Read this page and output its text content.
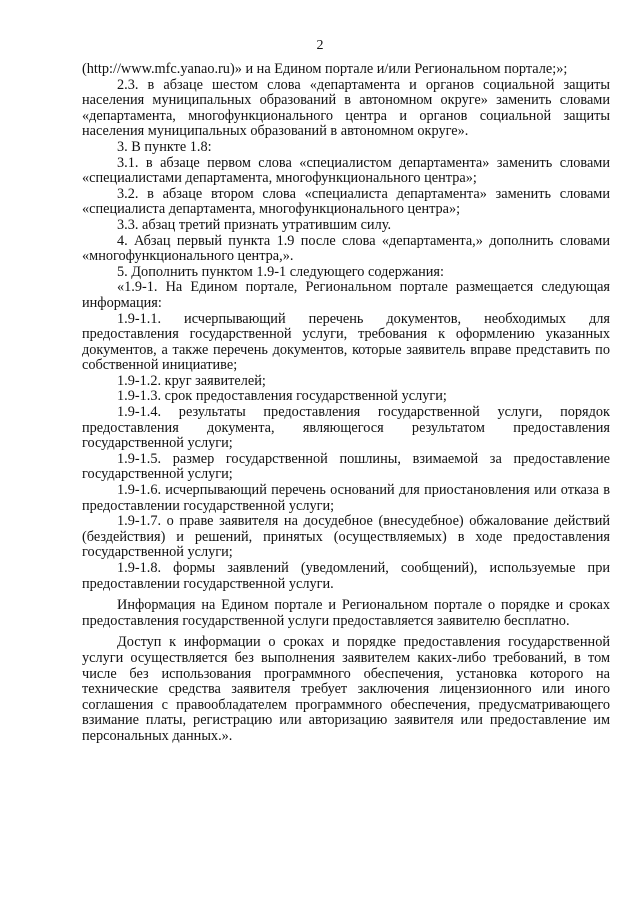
2

(http://www.mfc.yanao.ru)» и на Едином портале и/или Региональном портале;»;

2.3. в абзаце шестом слова «департамента и органов социальной защиты населения муниципальных образований в автономном округе» заменить словами «департамента, многофункционального центра и органов социальной защиты населения муниципальных образований в автономном округе».

3. В пункте 1.8:

3.1. в абзаце первом слова «специалистом департамента» заменить словами «специалистами департамента, многофункционального центра»;

3.2. в абзаце втором слова «специалиста департамента» заменить словами «специалиста департамента, многофункционального центра»;

3.3. абзац третий признать утратившим силу.

4. Абзац первый пункта 1.9 после слова «департамента,» дополнить словами «многофункционального центра,».

5. Дополнить пунктом 1.9-1 следующего содержания:

«1.9-1. На Едином портале, Региональном портале размещается следующая информация:

1.9-1.1. исчерпывающий перечень документов, необходимых для предоставления государственной услуги, требования к оформлению указанных документов, а также перечень документов, которые заявитель вправе представить по собственной инициативе;

1.9-1.2. круг заявителей;

1.9-1.3. срок предоставления государственной услуги;

1.9-1.4. результаты предоставления государственной услуги, порядок предоставления документа, являющегося результатом предоставления государственной услуги;

1.9-1.5. размер государственной пошлины, взимаемой за предоставление государственной услуги;

1.9-1.6. исчерпывающий перечень оснований для приостановления или отказа в предоставлении государственной услуги;

1.9-1.7. о праве заявителя на досудебное (внесудебное) обжалование действий (бездействия) и решений, принятых (осуществляемых) в ходе предоставления государственной услуги;

1.9-1.8. формы заявлений (уведомлений, сообщений), используемые при предоставлении государственной услуги.

Информация на Едином портале и Региональном портале о порядке и сроках предоставления государственной услуги предоставляется заявителю бесплатно.

Доступ к информации о сроках и порядке предоставления государственной услуги осуществляется без выполнения заявителем каких-либо требований, в том числе без использования программного обеспечения, установка которого на технические средства заявителя требует заключения лицензионного или иного соглашения с правообладателем программного обеспечения, предусматривающего взимание платы, регистрацию или авторизацию заявителя или предоставление им персональных данных.».
